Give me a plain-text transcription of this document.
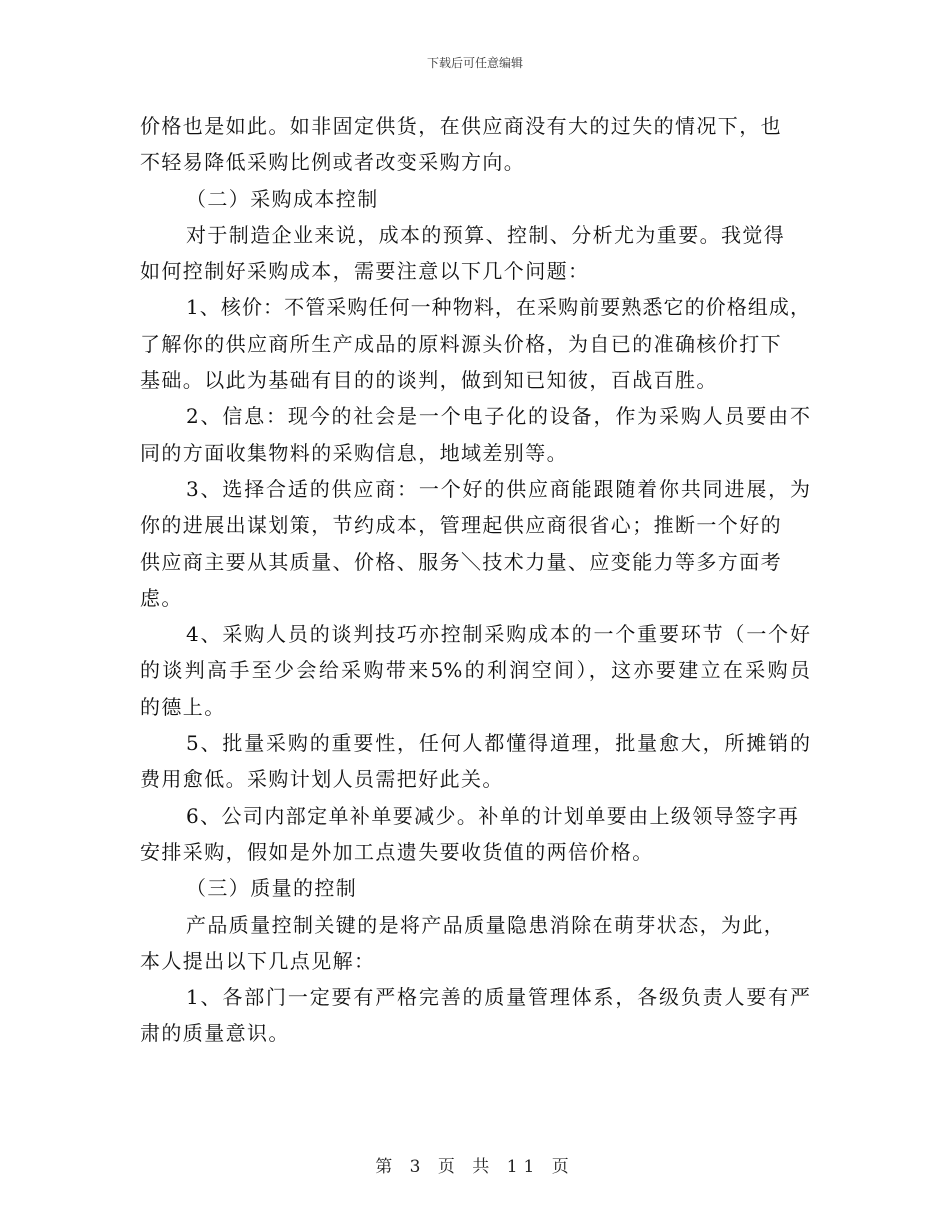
下载后可任意编辑
价格也是如此。如非固定供货，在供应商没有大的过失的情况下，也
不轻易降低采购比例或者改变采购方向。
（二）采购成本控制
对于制造企业来说，成本的预算、控制、分析尤为重要。我觉得
如何控制好采购成本，需要注意以下几个问题：
1、核价：不管采购任何一种物料，在采购前要熟悉它的价格组成，
了解你的供应商所生产成品的原料源头价格，为自已的准确核价打下
基础。以此为基础有目的的谈判，做到知已知彼，百战百胜。
2、信息：现今的社会是一个电子化的设备，作为采购人员要由不
同的方面收集物料的采购信息，地域差别等。
3、选择合适的供应商：一个好的供应商能跟随着你共同进展，为
你的进展出谋划策，节约成本，管理起供应商很省心；推断一个好的
供应商主要从其质量、价格、服务＼技术力量、应变能力等多方面考
虑。
4、采购人员的谈判技巧亦控制采购成本的一个重要环节（一个好
的谈判高手至少会给采购带来5%的利润空间），这亦要建立在采购员
的德上。
5、批量采购的重要性，任何人都懂得道理，批量愈大，所摊销的
费用愈低。采购计划人员需把好此关。
6、公司内部定单补单要减少。补单的计划单要由上级领导签字再
安排采购，假如是外加工点遗失要收货值的两倍价格。
（三）质量的控制
产品质量控制关键的是将产品质量隐患消除在萌芽状态，为此，
本人提出以下几点见解：
1、各部门一定要有严格完善的质量管理体系，各级负责人要有严
肃的质量意识。
第 3 页 共 11 页
